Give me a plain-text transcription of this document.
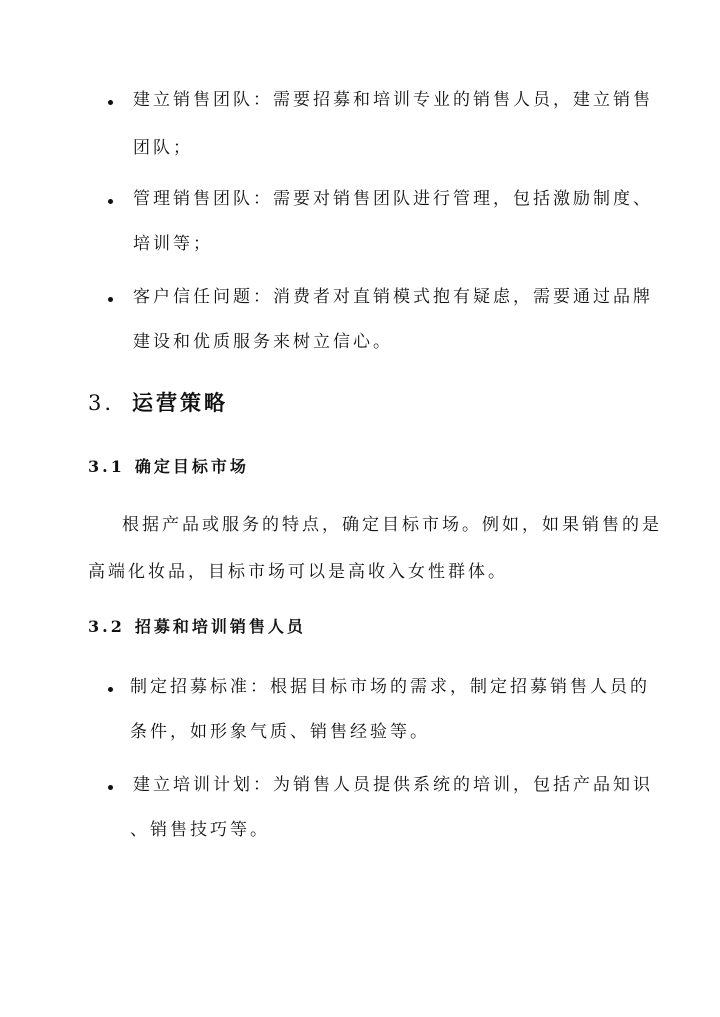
建立销售团队：需要招募和培训专业的销售人员，建立销售
团队；
管理销售团队：需要对销售团队进行管理，包括激励制度、
培训等；
客户信任问题：消费者对直销模式抱有疑虑，需要通过品牌
建设和优质服务来树立信心。
3. 运营策略
3.1 确定目标市场
根据产品或服务的特点，确定目标市场。例如，如果销售的是
高端化妆品，目标市场可以是高收入女性群体。
3.2 招募和培训销售人员
制定招募标准：根据目标市场的需求，制定招募销售人员的
条件，如形象气质、销售经验等。
建立培训计划：为销售人员提供系统的培训，包括产品知识
、销售技巧等。
